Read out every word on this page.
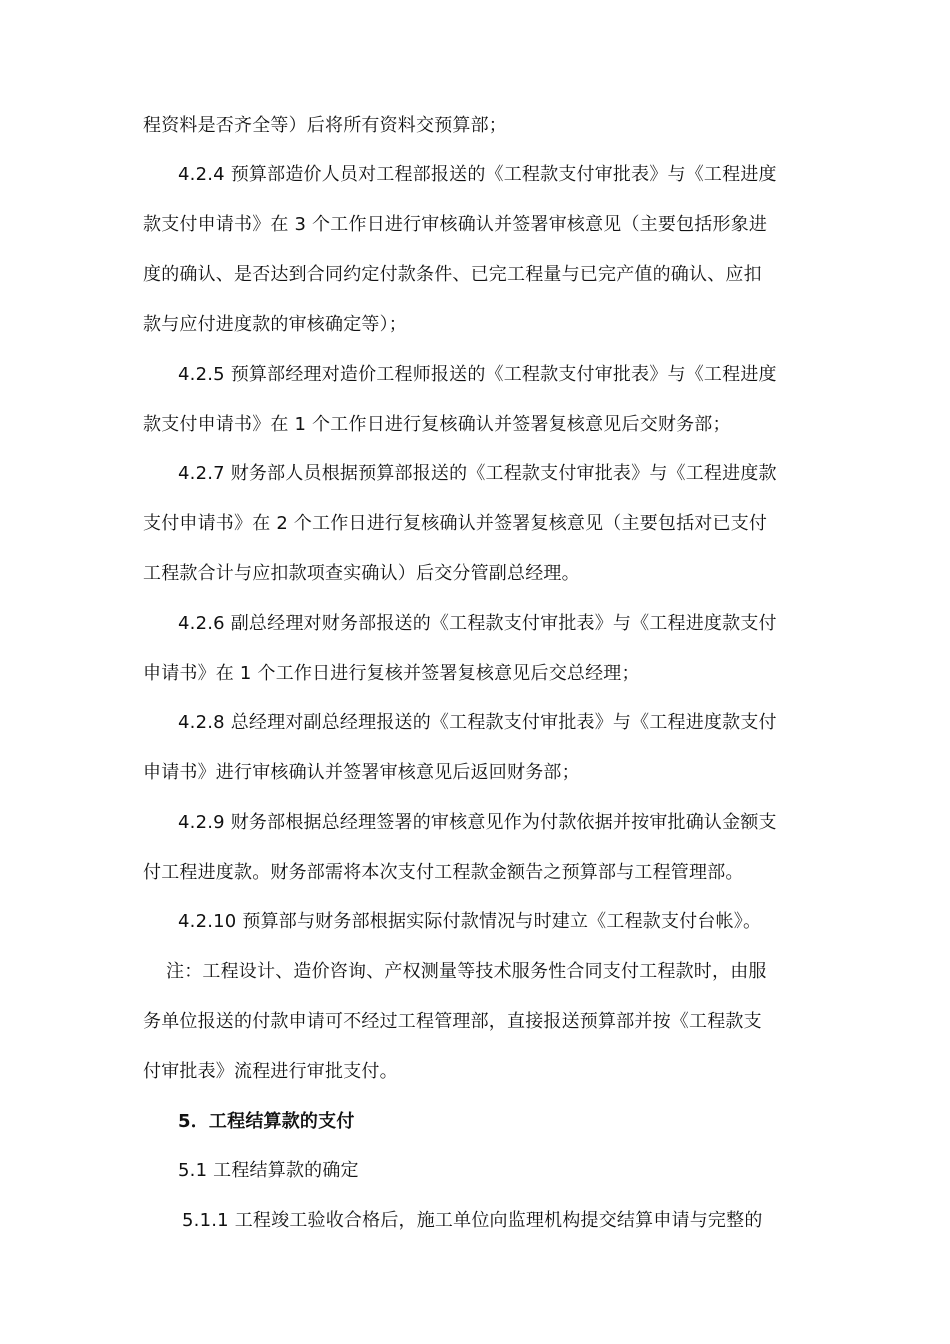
程资料是否齐全等）后将所有资料交预算部；
4.2.4 预算部造价人员对工程部报送的《工程款支付审批表》与《工程进度
款支付申请书》在 3 个工作日进行审核确认并签署审核意见（主要包括形象进
度的确认、是否达到合同约定付款条件、已完工程量与已完产值的确认、应扣
款与应付进度款的审核确定等）；
4.2.5 预算部经理对造价工程师报送的《工程款支付审批表》与《工程进度
款支付申请书》在 1 个工作日进行复核确认并签署复核意见后交财务部；
4.2.7 财务部人员根据预算部报送的《工程款支付审批表》与《工程进度款
支付申请书》在 2 个工作日进行复核确认并签署复核意见（主要包括对已支付
工程款合计与应扣款项查实确认）后交分管副总经理。
4.2.6 副总经理对财务部报送的《工程款支付审批表》与《工程进度款支付
申请书》在 1 个工作日进行复核并签署复核意见后交总经理；
4.2.8 总经理对副总经理报送的《工程款支付审批表》与《工程进度款支付
申请书》进行审核确认并签署审核意见后返回财务部；
4.2.9 财务部根据总经理签署的审核意见作为付款依据并按审批确认金额支
付工程进度款。财务部需将本次支付工程款金额告之预算部与工程管理部。
4.2.10 预算部与财务部根据实际付款情况与时建立《工程款支付台帐》。
注：工程设计、造价咨询、产权测量等技术服务性合同支付工程款时，由服
务单位报送的付款申请可不经过工程管理部，直接报送预算部并按《工程款支
付审批表》流程进行审批支付。
5．工程结算款的支付
5.1 工程结算款的确定
5.1.1 工程竣工验收合格后，施工单位向监理机构提交结算申请与完整的
